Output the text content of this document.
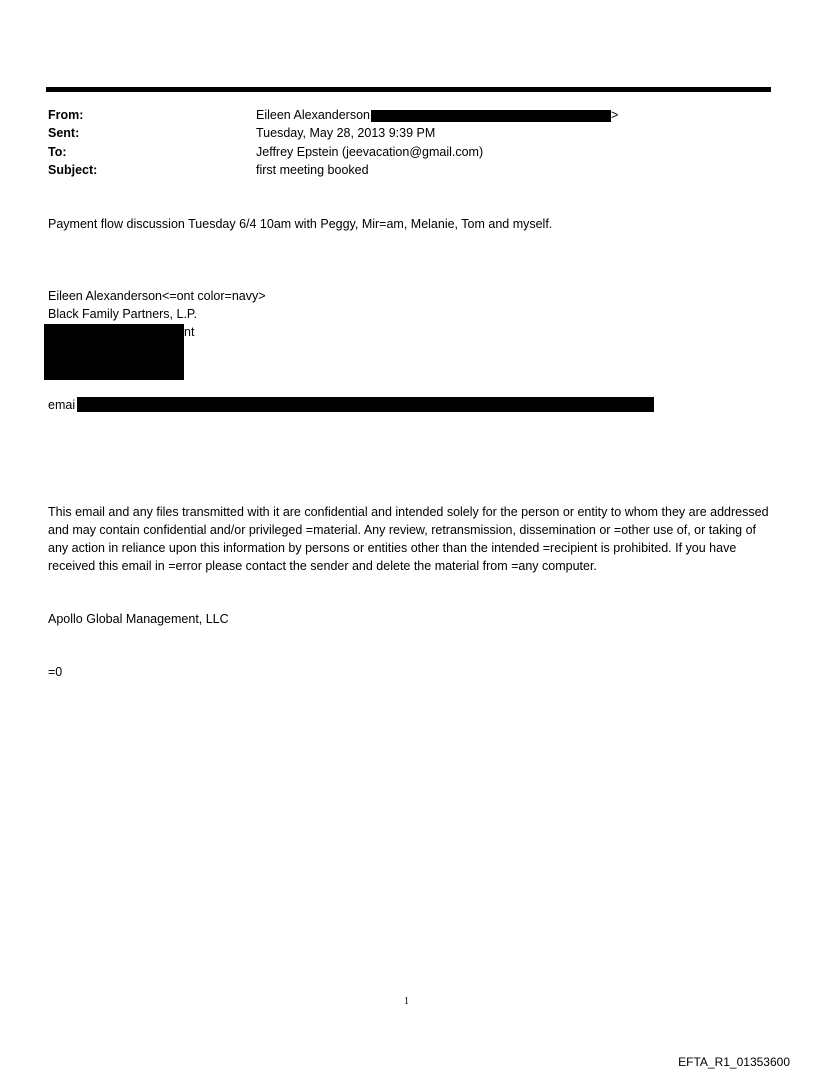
From:	Eileen Alexanderson	>
Sent:	Tuesday, May 28, 2013 9:39 PM
To:	Jeffrey Epstein (jeevacation@gmail.com)
Subject:	first meeting booked
Payment flow discussion Tuesday 6/4 10am with Peggy, Mir=am, Melanie, Tom and myself.
Eileen Alexanderson<=ont color=navy>
Black Family Partners, L.P.
nt
emai
This email and any files transmitted with it are confidential and intended solely for the person or entity to whom they are addressed and may contain confidential and/or privileged =material. Any review, retransmission, dissemination or =other use of, or taking of any action in reliance upon this information by persons or entities other than the intended =recipient is prohibited. If you have received this email in =error please contact the sender and delete the material from =any computer.
Apollo Global Management, LLC
=0
1
EFTA_R1_01353600
